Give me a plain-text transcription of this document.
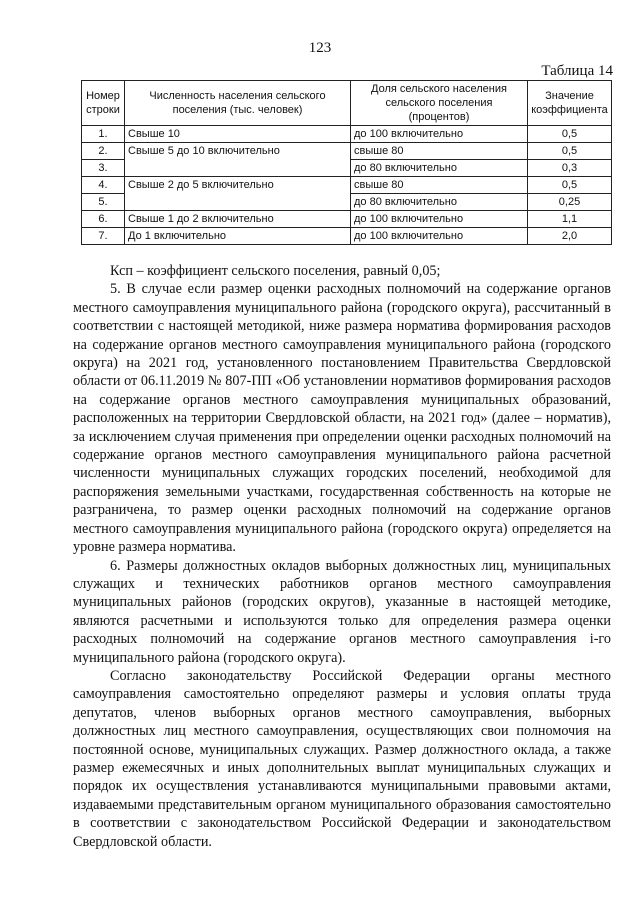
123
Таблица 14
Номер строки	Численность населения сельского поселения (тыс. человек)	Доля сельского населения сельского поселения (процентов)	Значение коэффициента
1.	Свыше 10	до 100 включительно	0,5
2.	Свыше 5 до 10 включительно	свыше 80	0,5
3.		до 80 включительно	0,3
4.	Свыше 2 до 5 включительно	свыше 80	0,5
5.		до 80 включительно	0,25
6.	Свыше 1 до 2 включительно	до 100 включительно	1,1
7.	До 1 включительно	до 100 включительно	2,0

Ксп – коэффициент сельского поселения, равный 0,05;

5. В случае если размер оценки расходных полномочий на содержание органов местного самоуправления муниципального района (городского округа), рассчитанный в соответствии с настоящей методикой, ниже размера норматива формирования расходов на содержание органов местного самоуправления муниципального района (городского округа) на 2021 год, установленного постановлением Правительства Свердловской области от 06.11.2019 № 807-ПП «Об установлении нормативов формирования расходов на содержание органов местного самоуправления муниципальных образований, расположенных на территории Свердловской области, на 2021 год» (далее – норматив), за исключением случая применения при определении оценки расходных полномочий на содержание органов местного самоуправления муниципального района расчетной численности муниципальных служащих городских поселений, необходимой для распоряжения земельными участками, государственная собственность на которые не разграничена, то размер оценки расходных полномочий на содержание органов местного самоуправления муниципального района (городского округа) определяется на уровне размера норматива.

6. Размеры должностных окладов выборных должностных лиц, муниципальных служащих и технических работников органов местного самоуправления муниципальных районов (городских округов), указанные в настоящей методике, являются расчетными и используются только для определения размера оценки расходных полномочий на содержание органов местного самоуправления i-го муниципального района (городского округа).

Согласно законодательству Российской Федерации органы местного самоуправления самостоятельно определяют размеры и условия оплаты труда депутатов, членов выборных органов местного самоуправления, выборных должностных лиц местного самоуправления, осуществляющих свои полномочия на постоянной основе, муниципальных служащих. Размер должностного оклада, а также размер ежемесячных и иных дополнительных выплат муниципальных служащих и порядок их осуществления устанавливаются муниципальными правовыми актами, издаваемыми представительным органом муниципального образования самостоятельно в соответствии с законодательством Российской Федерации и законодательством Свердловской области.
